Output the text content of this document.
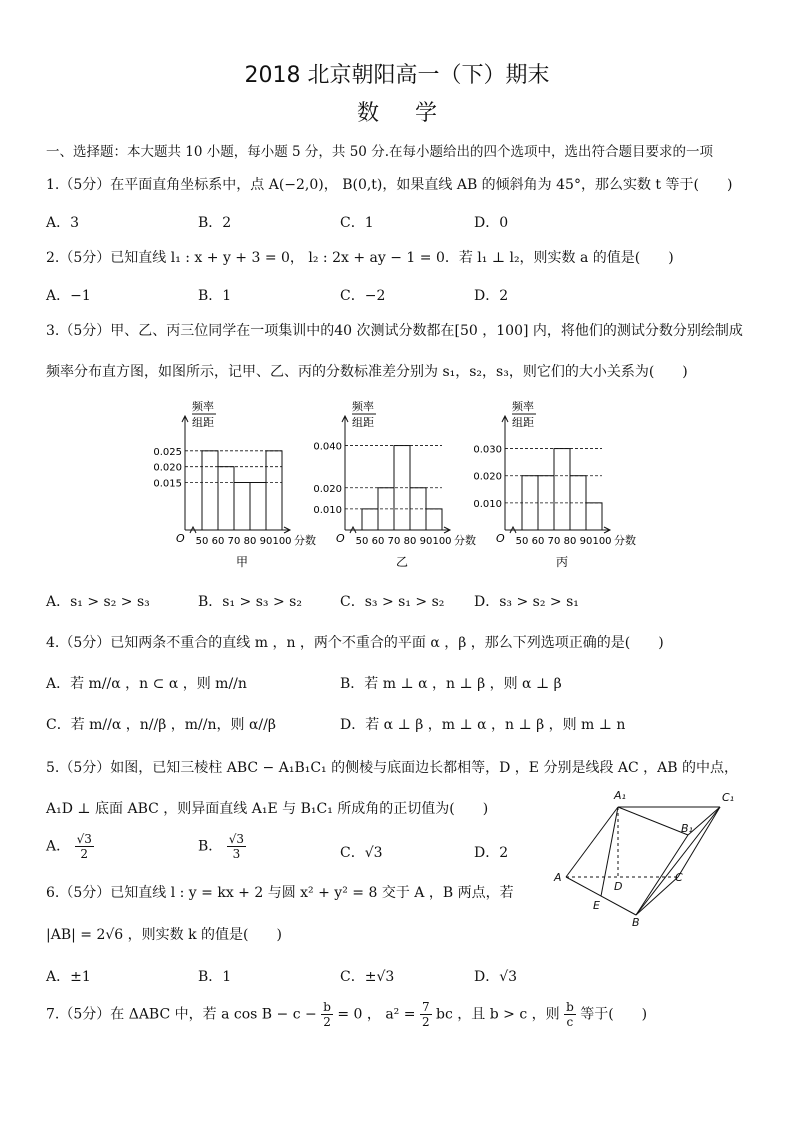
2018 北京朝阳高一（下）期末
数学
一、选择题：本大题共 10 小题，每小题 5 分，共 50 分.在每小题给出的四个选项中，选出符合题目要求的一项
1.（5分）在平面直角坐标系中，点 A(−2,0)， B(0,t)，如果直线 AB 的倾斜角为 45°，那么实数 t 等于(　　)
A．3	B．2	C．1	D．0
2.（5分）已知直线 l₁ : x + y + 3 = 0， l₂ : 2x + ay − 1 = 0．若 l₁ ⊥ l₂，则实数 a 的值是(　　)
A．−1	B．1	C．−2	D．2
3.（5分）甲、乙、丙三位同学在一项集训中的40 次测试分数都在[50 ，100] 内，将他们的测试分数分别绘制成
频率分布直方图，如图所示，记甲、乙、丙的分数标准差分别为 s₁，s₂，s₃，则它们的大小关系为(　　)
频率
组距
O
0.025
0.020
0.015
50 60 70 80 90 100 分数
甲
频率
组距
O
0.040
0.020
0.010
50 60 70 80 90 100 分数
乙
频率
组距
O
0.030
0.020
0.010
50 60 70 80 90 100 分数
丙
A．s₁ > s₂ > s₃	B．s₁ > s₃ > s₂	C．s₃ > s₁ > s₂ D．s₃ > s₂ > s₁
4.（5分）已知两条不重合的直线 m ，n ，两个不重合的平面 α ，β ，那么下列选项正确的是(　　)
A．若 m//α ，n ⊂ α ，则 m//n	B．若 m ⊥ α ，n ⊥ β ，则 α ⊥ β
C．若 m//α ，n//β ，m//n，则 α//β	D．若 α ⊥ β ，m ⊥ α ，n ⊥ β ，则 m ⊥ n
5.（5分）如图，已知三棱柱 ABC − A₁B₁C₁ 的侧棱与底面边长都相等，D ，E 分别是线段 AC ，AB 的中点，
A₁D ⊥ 底面 ABC ，则异面直线 A₁E 与 B₁C₁ 所成角的正切值为(　　)
A． $\frac{√3}{2}$	B． $\frac{√3}{3}$	C．√3	D．2
A₁	C₁
B₁
A
D
C
E
B
6.（5分）已知直线 l : y = kx + 2 与圆 x² + y² = 8 交于 A ，B 两点，若
|AB| = 2√6 ，则实数 k 的值是(　　)
A．±1	B．1	C．±√3	D．√3
7.（5分）在 ΔABC 中，若 a $\cos B - c - \frac{b}{2} = 0$ ， $a^2 = \frac{7}{2}$ bc ，且 b > c ，则 $\frac{b}{c}$ 等于(　　)
